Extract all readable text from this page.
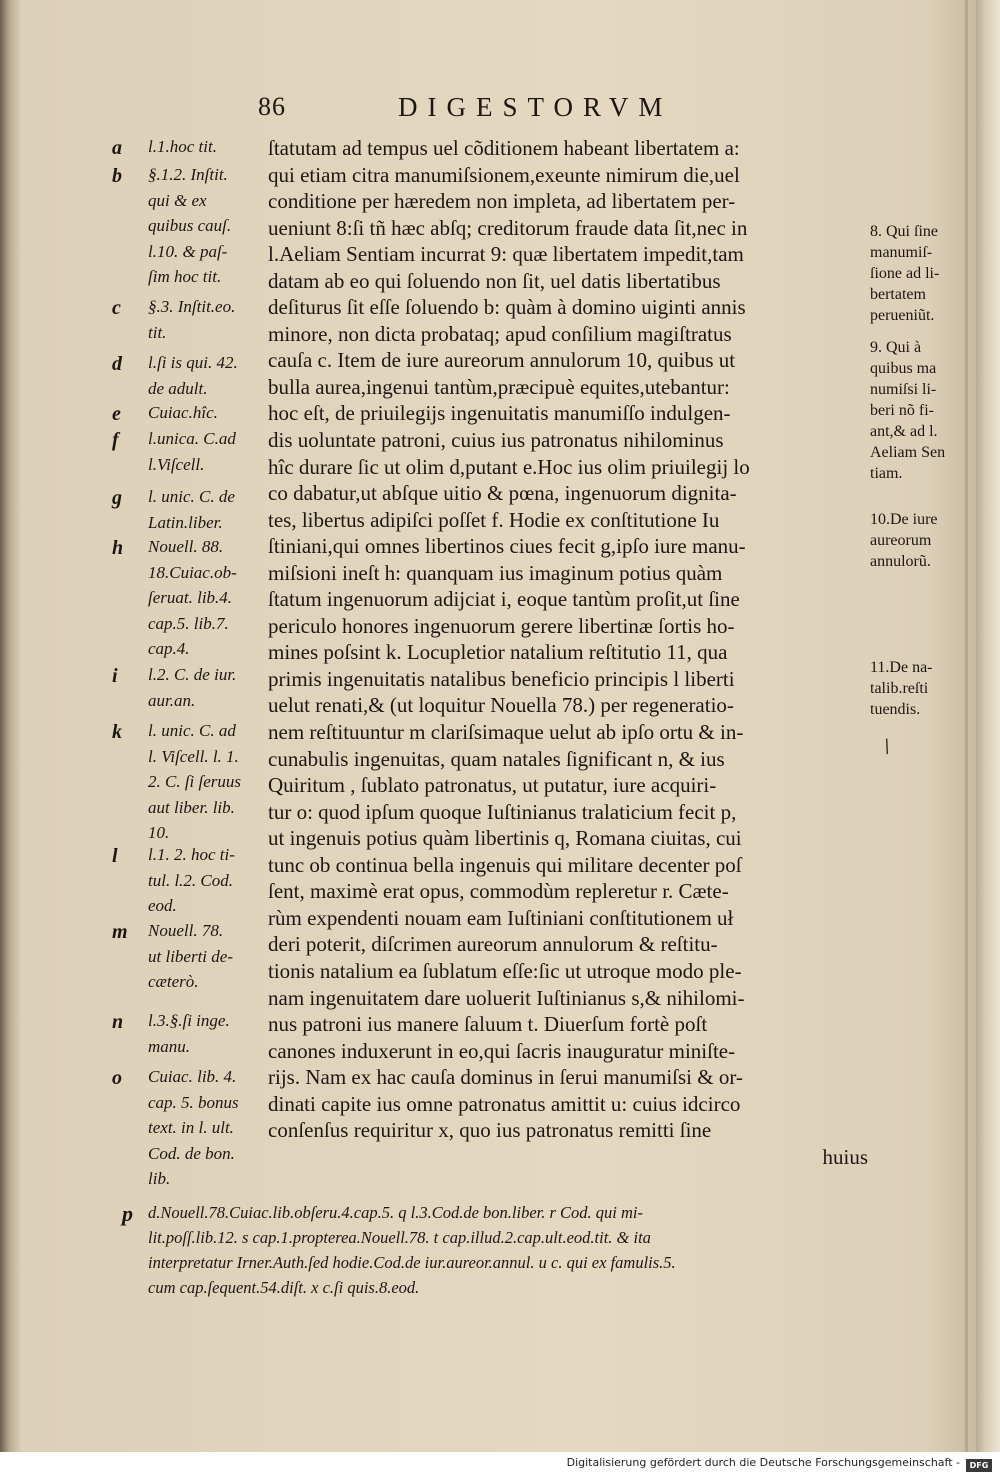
86	DIGESTORVM
ſtatutam ad tempus uel cõditionem habeant libertatem a:
qui etiam citra manumiſsionem,exeunte nimirum die,uel
conditione per hæredem non impleta, ad libertatem per-
ueniunt 8:ſi tñ hæc abſq; creditorum fraude data ſit,nec in
l.Aeliam Sentiam incurrat 9: quæ libertatem impedit,tam
datam ab eo qui ſoluendo non ſit, uel datis libertatibus
deſiturus ſit eſſe ſoluendo b: quàm à domino uiginti annis
minore, non dicta probataq; apud conſilium magiſtratus
cauſa c. Item de iure aureorum annulorum 10, quibus ut
bulla aurea,ingenui tantùm,præcipuè equites,utebantur:
hoc eſt, de priuilegijs ingenuitatis manumiſſo indulgen-
dis uoluntate patroni, cuius ius patronatus nihilominus
hîc durare ſic ut olim d,putant e.Hoc ius olim priuilegij lo
co dabatur,ut abſque uitio & pœna, ingenuorum dignita-
tes, libertus adipiſci poſſet f. Hodie ex conſtitutione Iu
ſtiniani,qui omnes libertinos ciues fecit g,ipſo iure manu-
miſsioni ineſt h: quanquam ius imaginum potius quàm
ſtatum ingenuorum adijciat i, eoque tantùm proſit,ut ſine
periculo honores ingenuorum gerere libertinæ ſortis ho-
mines poſsint k. Locupletior natalium reſtitutio 11, qua
primis ingenuitatis natalibus beneficio principis l liberti
uelut renati,& (ut loquitur Nouella 78.) per regeneratio-
nem reſtituuntur m clariſsimaque uelut ab ipſo ortu & in-
cunabulis ingenuitas, quam natales ſignificant n, & ius
Quiritum , ſublato patronatus, ut putatur, iure acquiri-
tur o: quod ipſum quoque Iuſtinianus tralaticium fecit p,
ut ingenuis potius quàm libertinis q, Romana ciuitas, cui
tunc ob continua bella ingenuis qui militare decenter poſ
ſent, maximè erat opus, commodùm repleretur r. Cæte-
rùm expendenti nouam eam Iuſtiniani conſtitutionem uł
deri poterit, diſcrimen aureorum annulorum & reſtitu-
tionis natalium ea ſublatum eſſe:ſic ut utroque modo ple-
nam ingenuitatem dare uoluerit Iuſtinianus s,& nihilomi-
nus patroni ius manere ſaluum t. Diuerſum fortè poſt
canones induxerunt in eo,qui ſacris inauguratur miniſte-
rijs. Nam ex hac cauſa dominus in ſerui manumiſsi & or-
dinati capite ius omne patronatus amittit u: cuius idcirco
conſenſus requiritur x, quo ius patronatus remitti ſine
huius
a	l.1.hoc tit.
b	§.1.2. Inſtit.
qui & ex
quibus cauſ.
l.10. & paſ-
ſim hoc tit.
c	§.3. Inſtit.eo.
tit.
d	l.ſi is qui. 42.
de adult.
e	Cuiac.hîc.
f	l.unica. C.ad
l.Viſcell.
g	l. unic. C. de
Latin.liber.
h	Nouell. 88.
18.Cuiac.ob-
ſeruat. lib.4.
cap.5. lib.7.
cap.4.
i	l.2. C. de iur.
aur.an.
k	l. unic. C. ad
l. Viſcell. l. 1.
2. C. ſi ſeruus
aut liber. lib.
10.
l	l.1. 2. hoc ti-
tul. l.2. Cod.
eod.
m	Nouell. 78.
ut liberti de-
cæterò.
n	l.3.§.ſi inge.
manu.
o	Cuiac. lib. 4.
cap. 5. bonus
text. in l. ult.
Cod. de bon.
lib.
8. Qui ſine
manumiſ-
ſione ad li-
bertatem
perueniũt.
9. Qui à
quibus ma
numiſsi li-
beri nõ fi-
ant,& ad l.
Aeliam Sen
tiam.
10.De iure
aureorum
annulorũ.
11.De na-
talib.reſti
tuendis.
p d.Nouell.78.Cuiac.lib.obſeru.4.cap.5. q l.3.Cod.de bon.liber. r Cod. qui mi-
lit.poſſ.lib.12. s cap.1.propterea.Nouell.78. t cap.illud.2.cap.ult.eod.tit. & ita
interpretatur Irner.Auth.ſed hodie.Cod.de iur.aureor.annul. u c. qui ex famulis.5.
cum cap.ſequent.54.diſt. x c.ſi quis.8.eod.
/
Digitalisierung gefördert durch die Deutsche Forschungsgemeinschaft -	DFG
